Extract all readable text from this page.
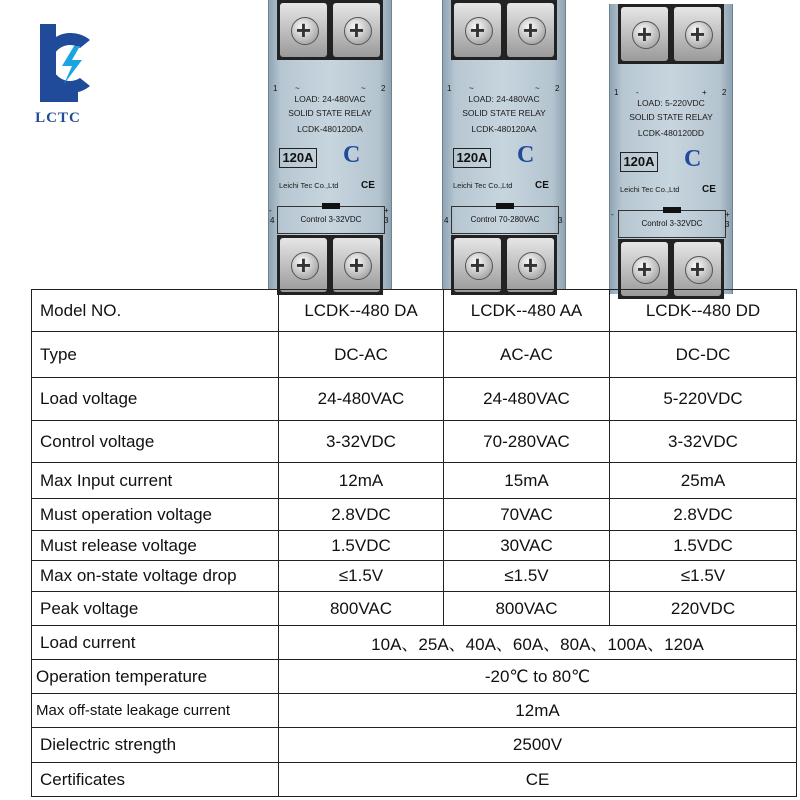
LCTC
+
+
1 ~	~ 2
LOAD: 24-480VAC
SOLID STATE RELAY
LCDK-480120DA
120A C
Leichi Tec Co.,Ltd	CE
Control 3-32VDC
4
-	+
3
+
+
+
+
1 ~	~ 2
LOAD: 24-480VAC
SOLID STATE RELAY
LCDK-480120AA
120A C
Leichi Tec Co.,Ltd	CE
Control 70-280VAC
4	3
+
+
+
+
1 -	+ 2
LOAD: 5-220VDC
SOLID STATE RELAY
LCDK-480120DD
120A C
Leichi Tec Co.,Ltd	CE
Control 3-32VDC
-	+
3
+
+
Model NO.	LCDK--480 DA	LCDK--480 AA	LCDK--480 DD
Type	DC-AC	AC-AC	DC-DC
Load voltage	24-480VAC	24-480VAC	5-220VDC
Control voltage	3-32VDC	70-280VAC	3-32VDC
Max Input current	12mA	15mA	25mA
Must operation voltage	2.8VDC	70VAC	2.8VDC
Must release voltage	1.5VDC	30VAC	1.5VDC
Max on-state voltage drop	≤1.5V	≤1.5V	≤1.5V
Peak voltage	800VAC	800VAC	220VDC
Load current	10A、25A、40A、60A、80A、100A、120A		
Operation temperature	-20℃ to 80℃		
Max off-state leakage current	12mA		
Dielectric strength	2500V		
Certificates	CE		
